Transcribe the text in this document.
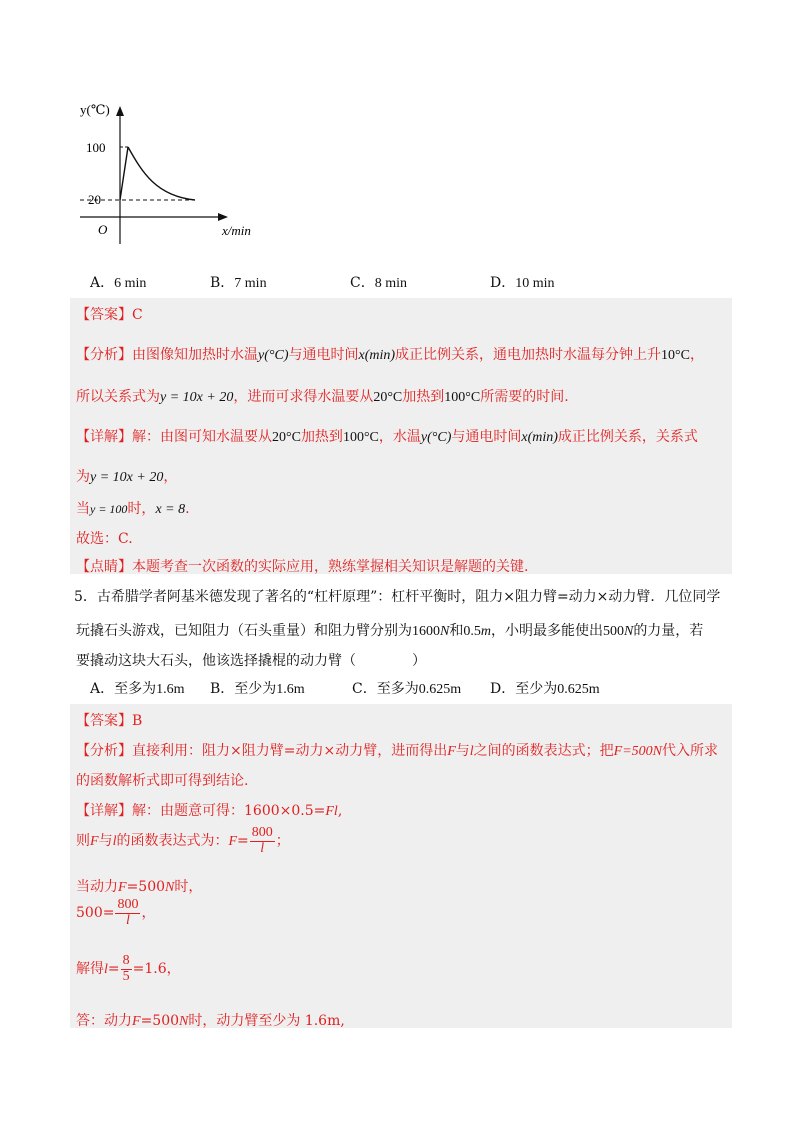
y(℃)
100
20
O	x/min
A．6 min	B．7 min	C．8 min	D．10 min
【答案】C
【分析】由图像知加热时水温y(°C)与通电时间x(min)成正比例关系，通电加热时水温每分钟上升10°C，
所以关系式为y = 10x + 20，进而可求得水温要从20°C加热到100°C所需要的时间.
【详解】解：由图可知水温要从20°C加热到100°C，水温y(°C)与通电时间x(min)成正比例关系，关系式
为y = 10x + 20，
当y = 100时，x = 8.
故选：C.
【点睛】本题考查一次函数的实际应用，熟练掌握相关知识是解题的关键.
5．古希腊学者阿基米德发现了著名的“杠杆原理”：杠杆平衡时，阻力×阻力臂=动力×动力臂．几位同学
玩撬石头游戏，已知阻力（石头重量）和阻力臂分别为1600N和0.5m，小明最多能使出500N的力量，若
要撬动这块大石头，他该选择撬棍的动力臂（　　　　）
A．至多为1.6m B．至少为1.6m	C．至多为0.625m D．至少为0.625m
【答案】B
【分析】直接利用：阻力×阻力臂=动力×动力臂，进而得出F与l之间的函数表达式；把F=500N代入所求
的函数解析式即可得到结论.
【详解】解：由题意可得：1600×0.5=Fl,
则F与l的函数表达式为：$F= \frac{800}{l}$ ；
当动力F=500N时，
$500= \frac{800}{l}$ ，
解得$l= \frac{8}{5} =1.6$，
答：动力F=500N时，动力臂至少为 1.6m,
